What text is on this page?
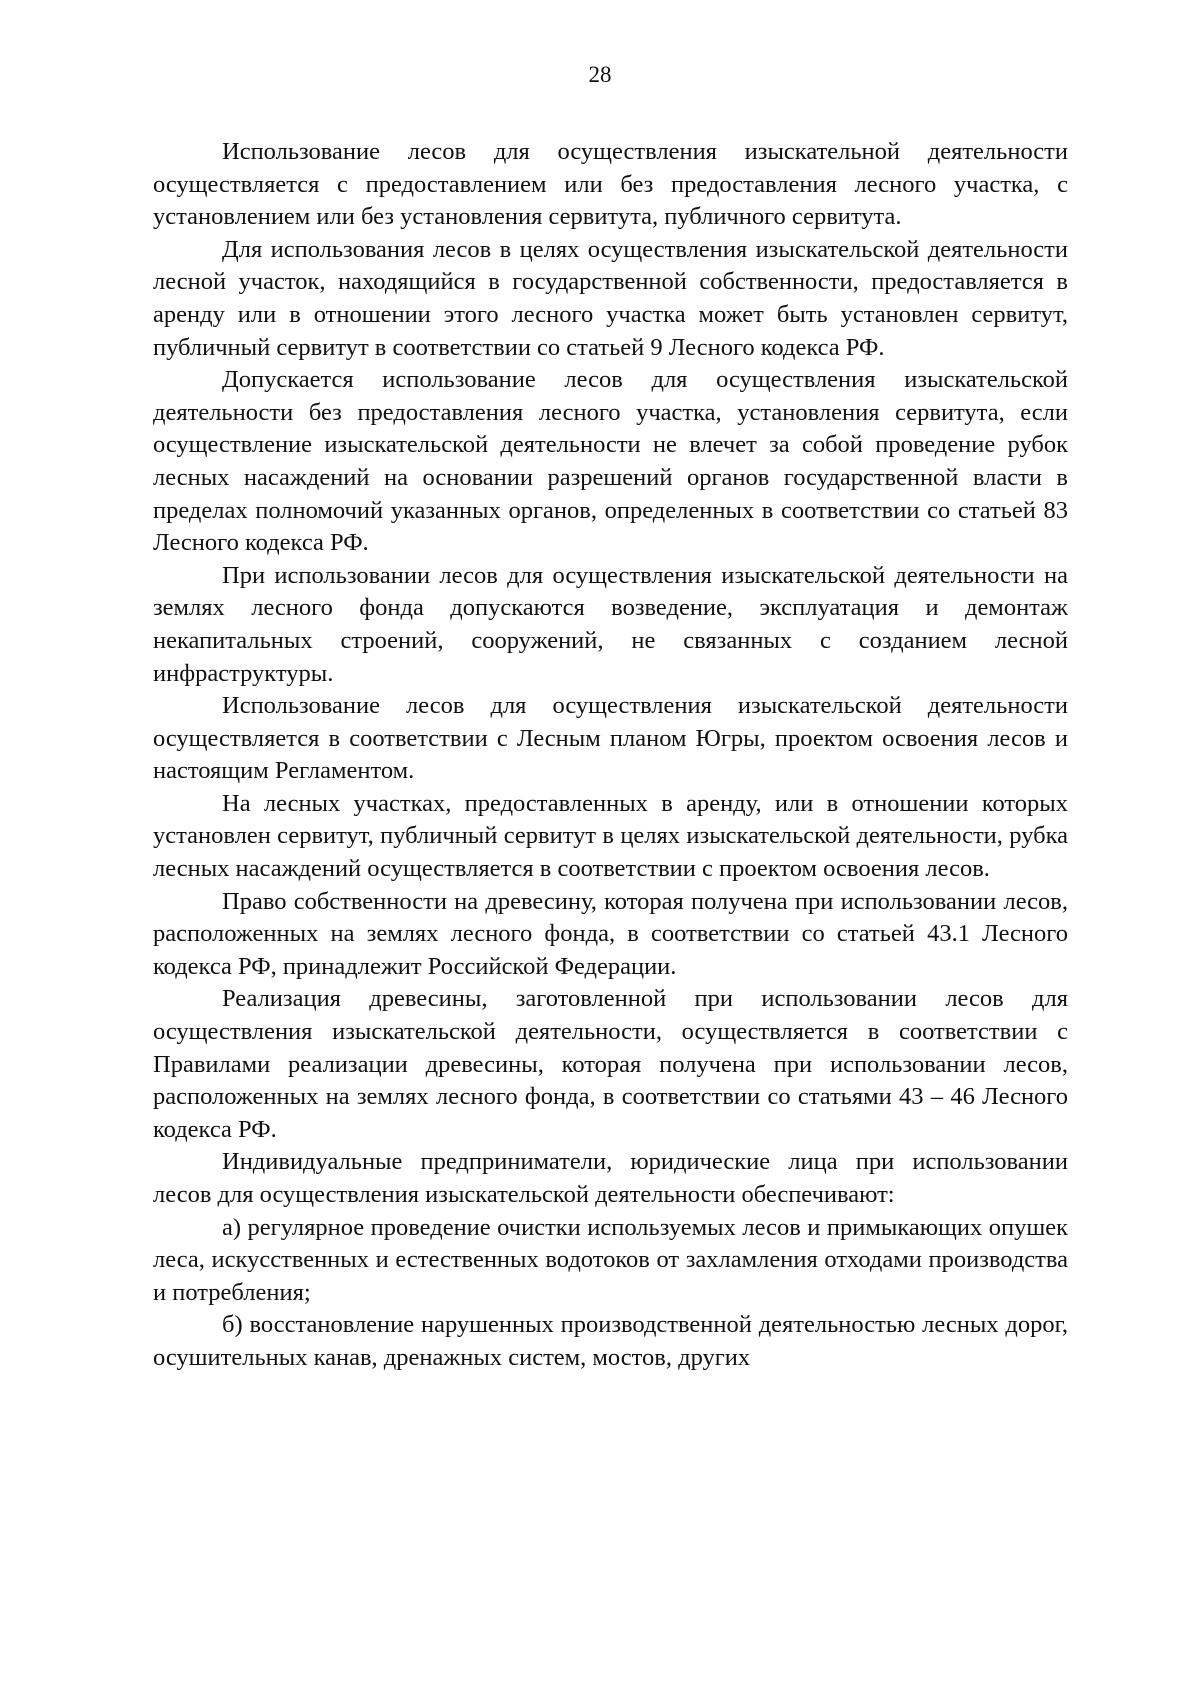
28

Использование лесов для осуществления изыскательной деятельности осуществляется с предоставлением или без предоставления лесного участка, с установлением или без установления сервитута, публичного сервитута.

Для использования лесов в целях осуществления изыскательской деятельности лесной участок, находящийся в государственной собственности, предоставляется в аренду или в отношении этого лесного участка может быть установлен сервитут, публичный сервитут в соответствии со статьей 9 Лесного кодекса РФ.

Допускается использование лесов для осуществления изыскательской деятельности без предоставления лесного участка, установления сервитута, если осуществление изыскательской деятельности не влечет за собой проведение рубок лесных насаждений на основании разрешений органов государственной власти в пределах полномочий указанных органов, определенных в соответствии со статьей 83 Лесного кодекса РФ.

При использовании лесов для осуществления изыскательской деятельности на землях лесного фонда допускаются возведение, эксплуатация и демонтаж некапитальных строений, сооружений, не связанных с созданием лесной инфраструктуры.

Использование лесов для осуществления изыскательской деятельности осуществляется в соответствии с Лесным планом Югры, проектом освоения лесов и настоящим Регламентом.

На лесных участках, предоставленных в аренду, или в отношении которых установлен сервитут, публичный сервитут в целях изыскательской деятельности, рубка лесных насаждений осуществляется в соответствии с проектом освоения лесов.

Право собственности на древесину, которая получена при использовании лесов, расположенных на землях лесного фонда, в соответствии со статьей 43.1 Лесного кодекса РФ, принадлежит Российской Федерации.

Реализация древесины, заготовленной при использовании лесов для осуществления изыскательской деятельности, осуществляется в соответствии с Правилами реализации древесины, которая получена при использовании лесов, расположенных на землях лесного фонда, в соответствии со статьями 43 – 46 Лесного кодекса РФ.

Индивидуальные предприниматели, юридические лица при использовании лесов для осуществления изыскательской деятельности обеспечивают:

а) регулярное проведение очистки используемых лесов и примыкающих опушек леса, искусственных и естественных водотоков от захламления отходами производства и потребления;

б) восстановление нарушенных производственной деятельностью лесных дорог, осушительных канав, дренажных систем, мостов, других
